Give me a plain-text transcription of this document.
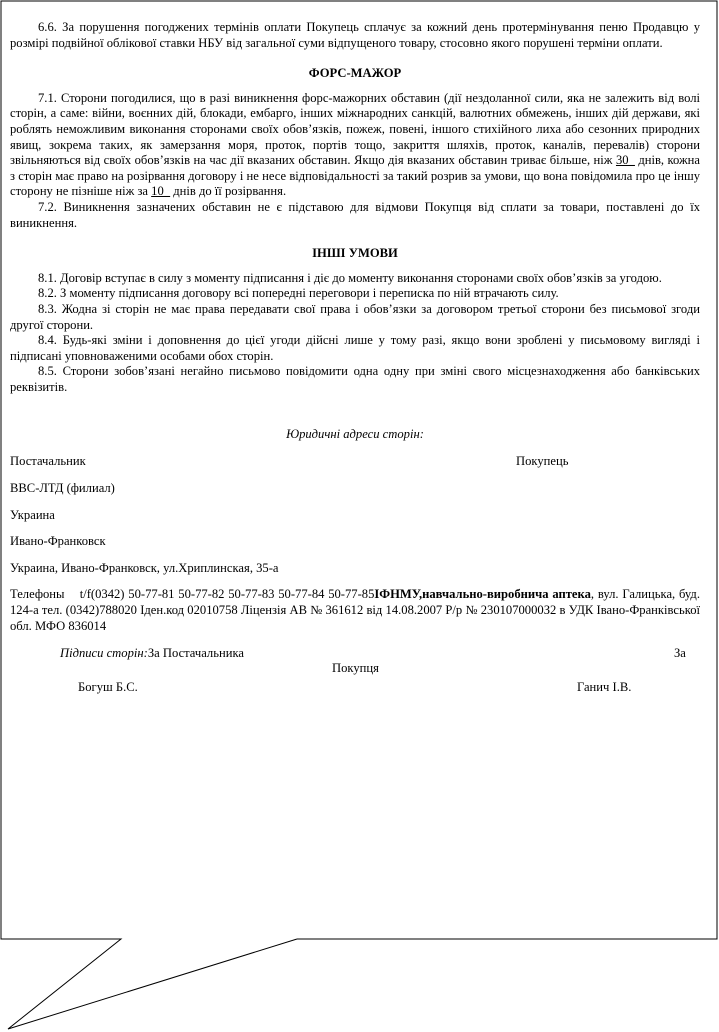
6.6. За порушення погоджених термінів оплати Покупець сплачує за кожний день протермінування пеню Продавцю у розмірі подвійної облікової ставки НБУ від загальної суми відпущеного товару, стосовно якого порушені терміни оплати.

ФОРС-МАЖОР

7.1. Сторони погодилися, що в разі виникнення форс-мажорних обставин (дії нездоланної сили, яка не залежить від волі сторін, а саме: війни, воєнних дій, блокади, ембарго, інших міжнародних санкцій, валютних обмежень, інших дій держави, які роблять неможливим виконання сторонами своїх обов’язків, пожеж, повені, іншого стихійного лиха або сезонних природних явищ, зокрема таких, як замерзання моря, проток, портів тощо, закриття шляхів, проток, каналів, перевалів) сторони звільняються від своїх обов’язків на час дії вказаних обставин. Якщо дія вказаних обставин триває більше, ніж 30_ днів, кожна з сторін має право на розірвання договору і не несе відповідальності за такий розрив за умови, що вона повідомила про це іншу сторону не пізніше ніж за 10_ днів до її розірвання.

7.2. Виникнення зазначених обставин не є підставою для відмови Покупця від сплати за товари, поставлені до їх виникнення.

ІНШІ УМОВИ

8.1. Договір вступає в силу з моменту підписання і діє до моменту виконання сторонами своїх обов’язків за угодою.

8.2. З моменту підписання договору всі попередні переговори і переписка по ній втрачають силу.

8.3. Жодна зі сторін не має права передавати свої права і обов’язки за договором третьої сторони без письмової згоди другої сторони.

8.4. Будь-які зміни і доповнення до цієї угоди дійсні лише у тому разі, якщо вони зроблені у письмовому вигляді і підписані уповноваженими особами обох сторін.

8.5. Сторони зобов’язані негайно письмово повідомити одна одну при зміні свого місцезнаходження або банківських реквізитів.

Юридичні адреси сторін:

Постачальник	Покупець

ВВС-ЛТД (филиал)

Украина

Ивано-Франковск

Украина, Ивано-Франковск, ул.Хриплинская, 35-а

Телефоны t/f(0342) 50-77-81 50-77-82 50-77-83 50-77-84 50-77-85ІФНМУ,навчально-виробнича аптека, вул. Галицька, буд. 124-а тел. (0342)788020 Іден.код 02010758 Ліцензія АВ № 361612 від 14.08.2007 Р/р № 2301070000З2 в УДК Івано-Франківської обл. МФО 836014

Підписи сторін:За Постачальника	За
Покупця
Богуш Б.С.	Ганич І.В.
